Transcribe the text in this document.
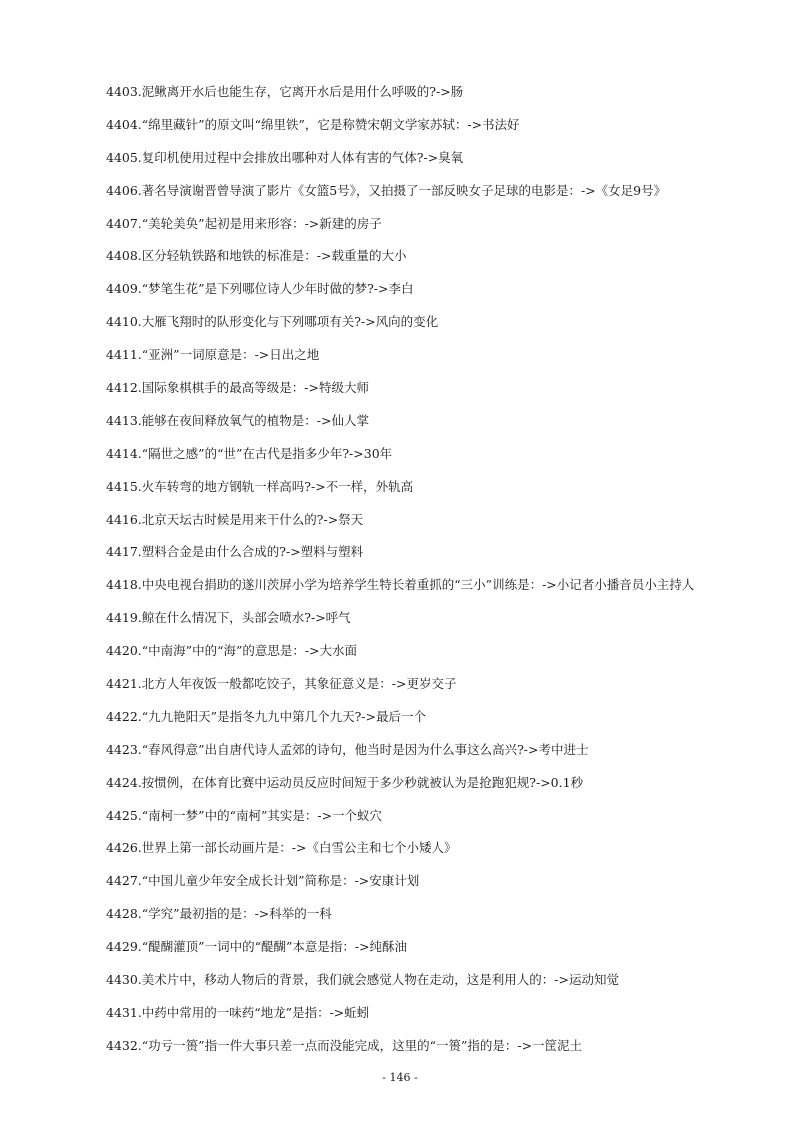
4403.泥鳅离开水后也能生存，它离开水后是用什么呼吸的?->肠

4404.“绵里藏针”的原文叫“绵里铁”，它是称赞宋朝文学家苏轼：->书法好

4405.复印机使用过程中会排放出哪种对人体有害的气体?->臭氧

4406.著名导演谢晋曾导演了影片《女篮5号》，又拍摄了一部反映女子足球的电影是：->《女足9号》

4407.“美轮美奂”起初是用来形容：->新建的房子

4408.区分轻轨铁路和地铁的标准是：->载重量的大小

4409.“梦笔生花”是下列哪位诗人少年时做的梦?->李白

4410.大雁飞翔时的队形变化与下列哪项有关?->风向的变化

4411.“亚洲”一词原意是：->日出之地

4412.国际象棋棋手的最高等级是：->特级大师

4413.能够在夜间释放氧气的植物是：->仙人掌

4414.“隔世之感”的“世”在古代是指多少年?->30年

4415.火车转弯的地方钢轨一样高吗?->不一样，外轨高

4416.北京天坛古时候是用来干什么的?->祭天

4417.塑料合金是由什么合成的?->塑料与塑料

4418.中央电视台捐助的遂川茨屏小学为培养学生特长着重抓的“三小”训练是：->小记者小播音员小主持人

4419.鲸在什么情况下，头部会喷水?->呼气

4420.“中南海”中的“海”的意思是：->大水面

4421.北方人年夜饭一般都吃饺子，其象征意义是：->更岁交子

4422.“九九艳阳天”是指冬九九中第几个九天?->最后一个

4423.“春风得意”出自唐代诗人孟郊的诗句，他当时是因为什么事这么高兴?->考中进士

4424.按惯例，在体育比赛中运动员反应时间短于多少秒就被认为是抢跑犯规?->0.1秒

4425.“南柯一梦”中的“南柯”其实是：->一个蚁穴

4426.世界上第一部长动画片是：->《白雪公主和七个小矮人》

4427.“中国儿童少年安全成长计划”简称是：->安康计划

4428.“学究”最初指的是：->科举的一科

4429.“醍醐灌顶”一词中的“醍醐”本意是指：->纯酥油

4430.美术片中，移动人物后的背景，我们就会感觉人物在走动，这是利用人的：->运动知觉

4431.中药中常用的一味药“地龙”是指：->蚯蚓

4432.“功亏一篑”指一件大事只差一点而没能完成，这里的“一篑”指的是：->一筐泥土

- 146 -
